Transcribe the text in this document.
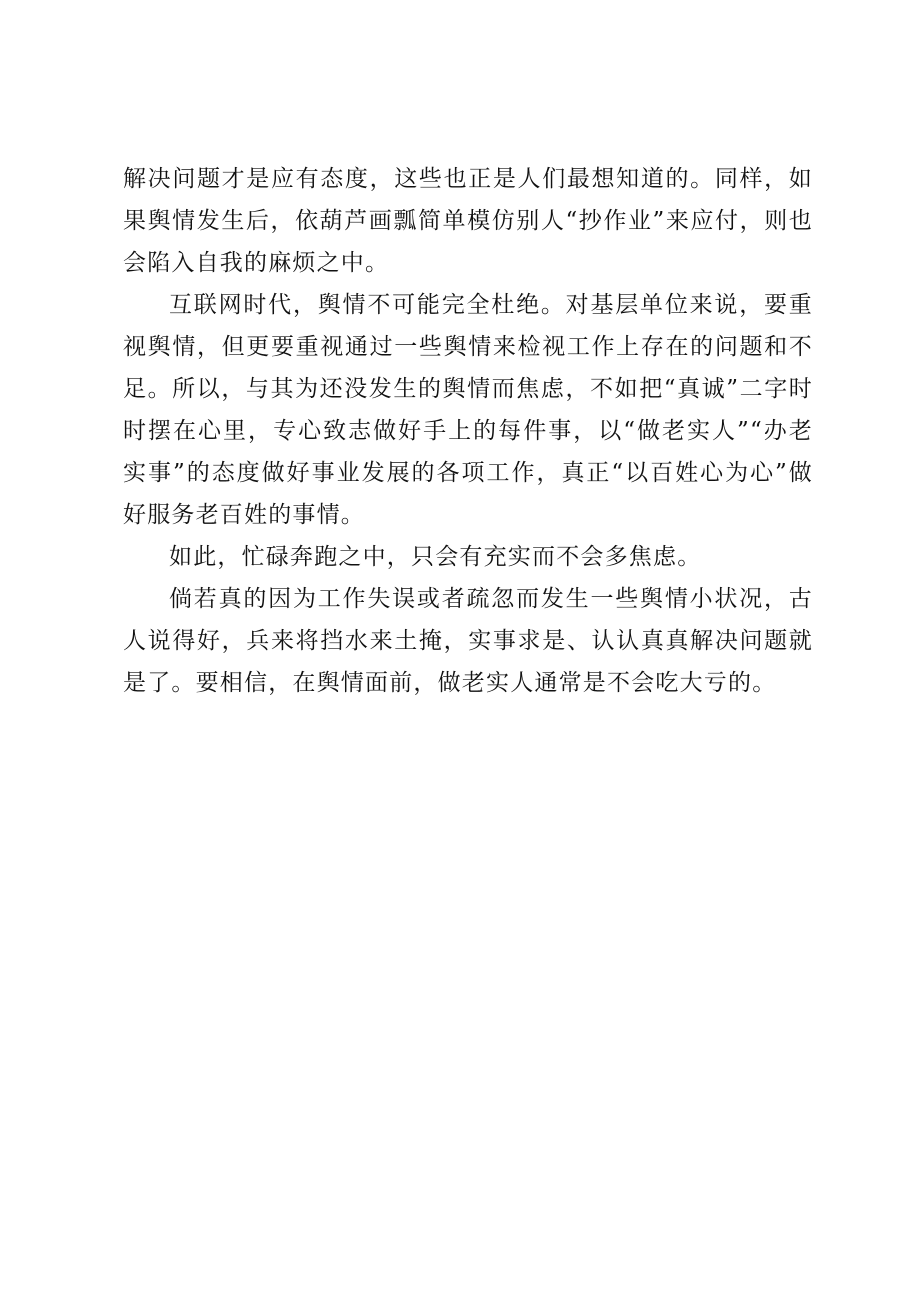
解决问题才是应有态度，这些也正是人们最想知道的。同样，如果舆情发生后，依葫芦画瓢简单模仿别人“抄作业”来应付，则也会陷入自我的麻烦之中。

互联网时代，舆情不可能完全杜绝。对基层单位来说，要重视舆情，但更要重视通过一些舆情来检视工作上存在的问题和不足。所以，与其为还没发生的舆情而焦虑，不如把“真诚”二字时时摆在心里，专心致志做好手上的每件事，以“做老实人”“办老实事”的态度做好事业发展的各项工作，真正“以百姓心为心”做好服务老百姓的事情。

如此，忙碌奔跑之中，只会有充实而不会多焦虑。

倘若真的因为工作失误或者疏忽而发生一些舆情小状况，古人说得好，兵来将挡水来土掩，实事求是、认认真真解决问题就是了。要相信，在舆情面前，做老实人通常是不会吃大亏的。
